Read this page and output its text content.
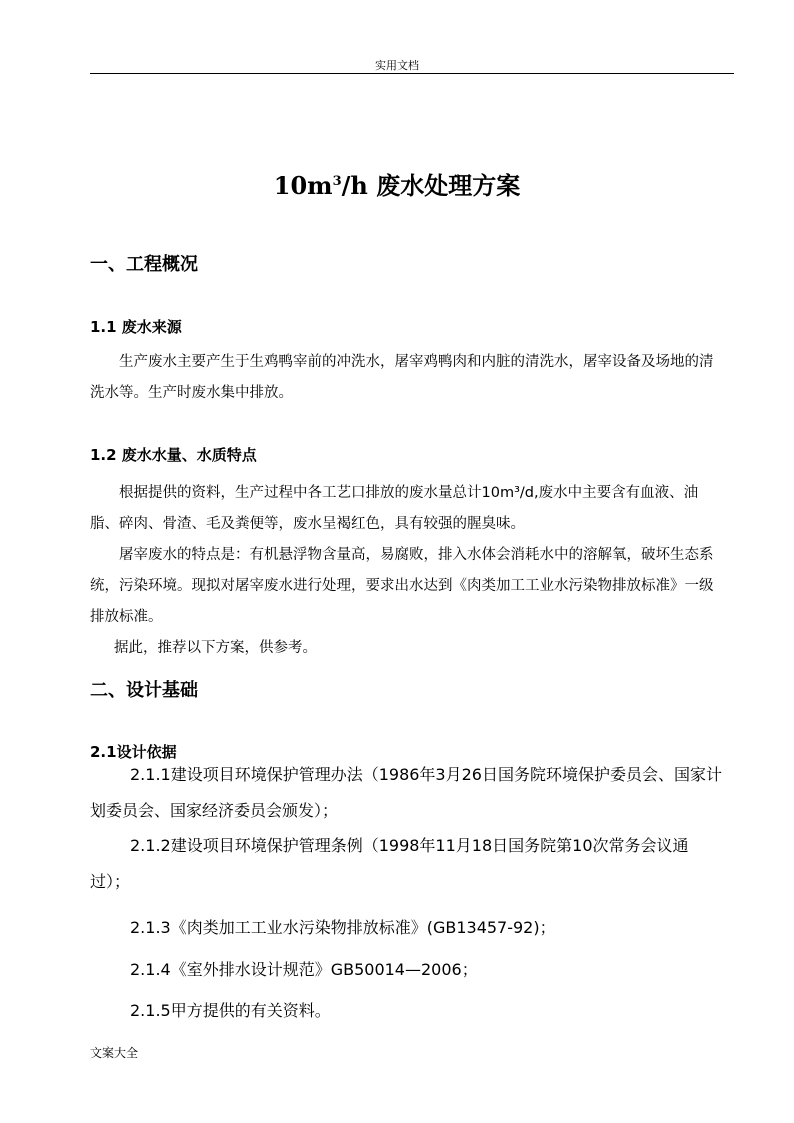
实用文档
$10m^3/h$ 废水处理方案
一、工程概况
1.1 废水来源
生产废水主要产生于生鸡鸭宰前的冲洗水，屠宰鸡鸭肉和内脏的清洗水，屠宰设备及场地的清洗水等。生产时废水集中排放。
1.2 废水水量、水质特点
根据提供的资料，生产过程中各工艺口排放的废水量总计10m³/d,废水中主要含有血液、油脂、碎肉、骨渣、毛及粪便等，废水呈褐红色，具有较强的腥臭味。
屠宰废水的特点是：有机悬浮物含量高，易腐败，排入水体会消耗水中的溶解氧，破坏生态系统，污染环境。现拟对屠宰废水进行处理，要求出水达到《肉类加工工业水污染物排放标准》一级排放标准。
据此，推荐以下方案，供参考。
二、设计基础
2.1设计依据
2.1.1建设项目环境保护管理办法（1986年3月26日国务院环境保护委员会、国家计划委员会、国家经济委员会颁发）；
2.1.2建设项目环境保护管理条例（1998年11月18日国务院第10次常务会议通过）；
2.1.3《肉类加工工业水污染物排放标准》(GB13457-92)；
2.1.4《室外排水设计规范》GB50014—2006；
2.1.5甲方提供的有关资料。
文案大全
